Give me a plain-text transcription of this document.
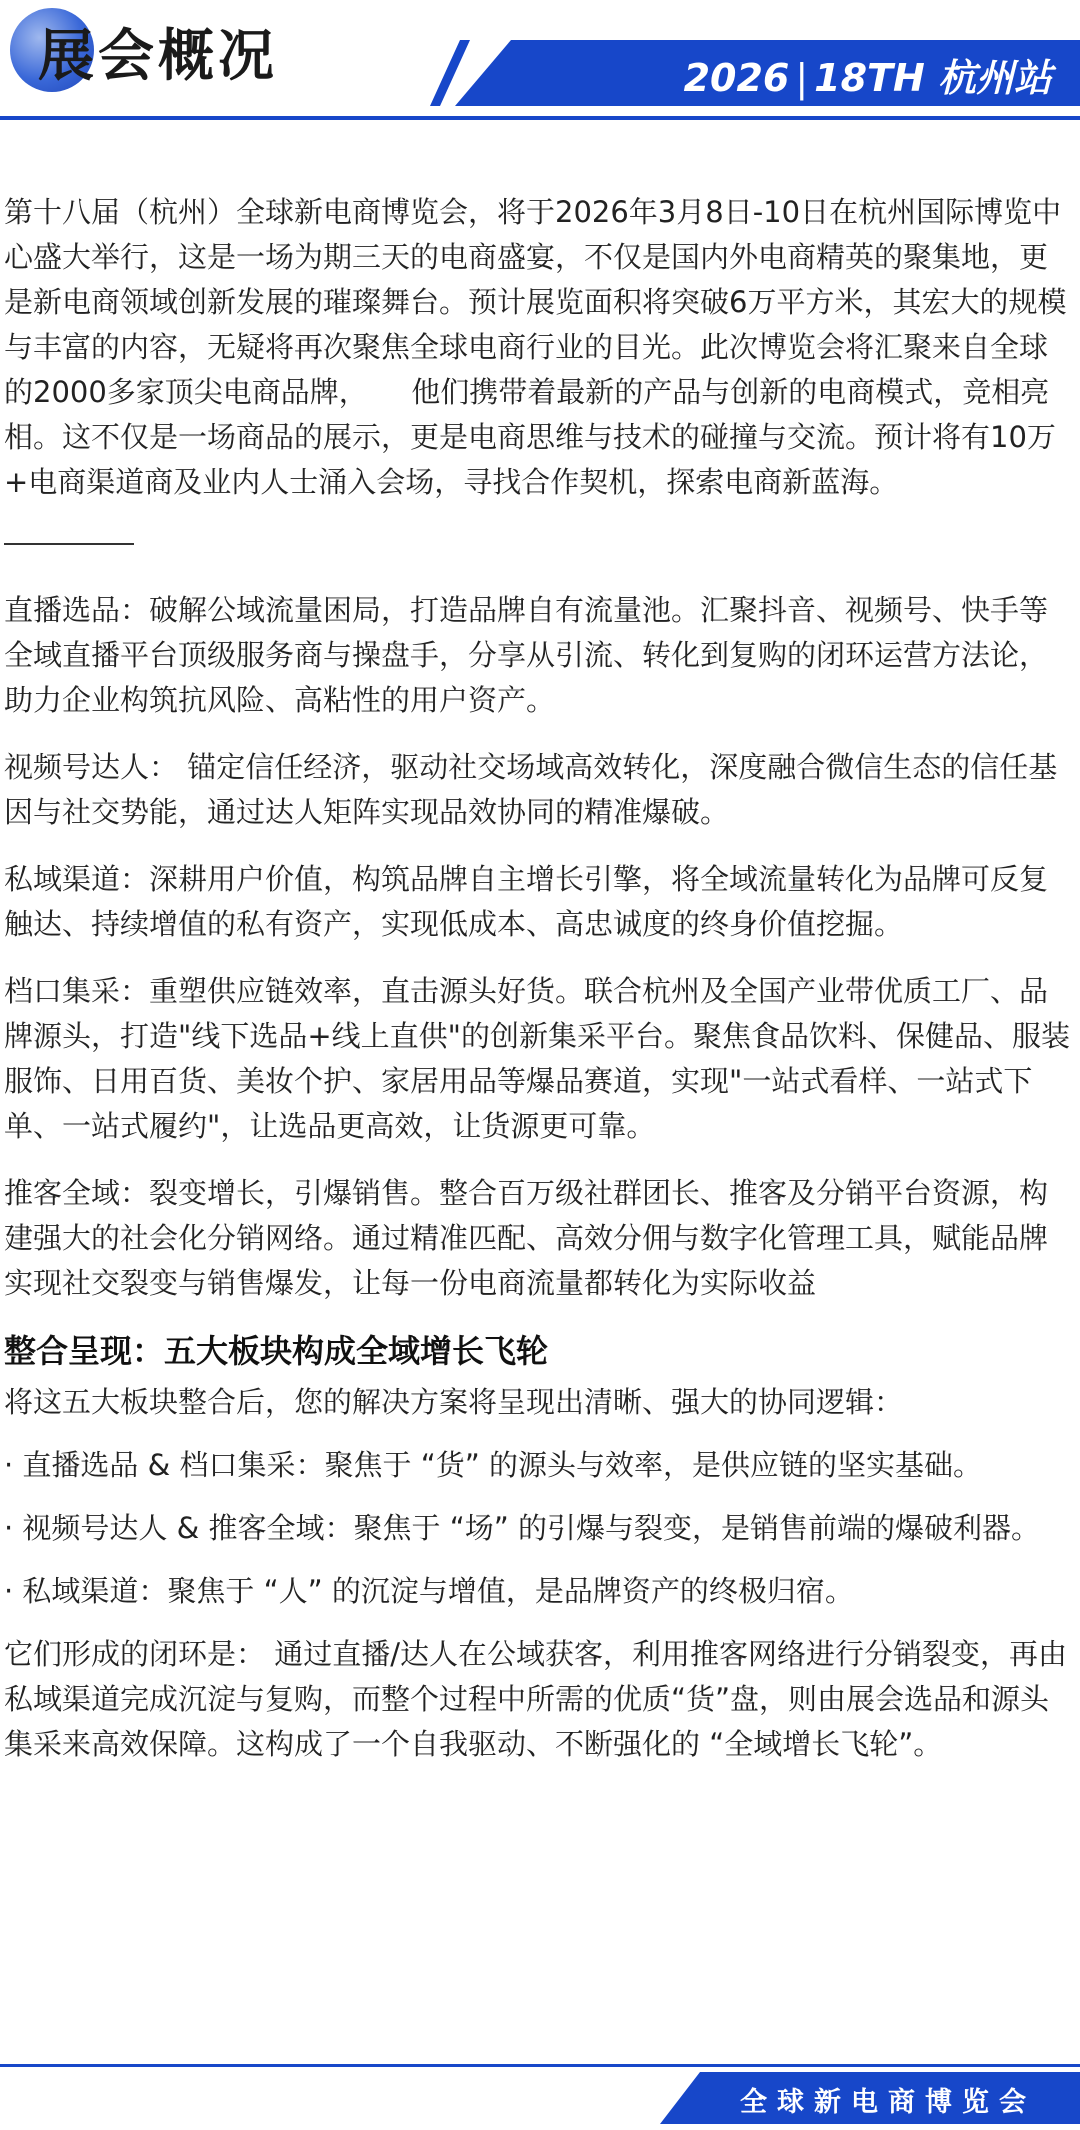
展会概况	2026 | 18TH 杭州站

第十八届（杭州）全球新电商博览会，将于2026年3月8日-10日在杭州国际博览中心盛大举行，这是一场为期三天的电商盛宴，不仅是国内外电商精英的聚集地，更是新电商领域创新发展的璀璨舞台。预计展览面积将突破6万平方米，其宏大的规模与丰富的内容，无疑将再次聚焦全球电商行业的目光。此次博览会将汇聚来自全球的2000多家顶尖电商品牌，　　他们携带着最新的产品与创新的电商模式，竞相亮相。这不仅是一场商品的展示，更是电商思维与技术的碰撞与交流。预计将有10万+电商渠道商及业内人士涌入会场，寻找合作契机，探索电商新蓝海。

直播选品：破解公域流量困局，打造品牌自有流量池。汇聚抖音、视频号、快手等全域直播平台顶级服务商与操盘手，分享从引流、转化到复购的闭环运营方法论，助力企业构筑抗风险、高粘性的用户资产。

视频号达人： 锚定信任经济，驱动社交场域高效转化，深度融合微信生态的信任基因与社交势能，通过达人矩阵实现品效协同的精准爆破。

私域渠道：深耕用户价值，构筑品牌自主增长引擎，将全域流量转化为品牌可反复触达、持续增值的私有资产，实现低成本、高忠诚度的终身价值挖掘。

档口集采：重塑供应链效率，直击源头好货。联合杭州及全国产业带优质工厂、品牌源头，打造"线下选品+线上直供"的创新集采平台。聚焦食品饮料、保健品、服装服饰、日用百货、美妆个护、家居用品等爆品赛道，实现"一站式看样、一站式下单、一站式履约"，让选品更高效，让货源更可靠。

推客全域：裂变增长，引爆销售。整合百万级社群团长、推客及分销平台资源，构建强大的社会化分销网络。通过精准匹配、高效分佣与数字化管理工具，赋能品牌实现社交裂变与销售爆发，让每一份电商流量都转化为实际收益

整合呈现：五大板块构成全域增长飞轮

将这五大板块整合后，您的解决方案将呈现出清晰、强大的协同逻辑：

· 直播选品 & 档口集采：聚焦于 “货” 的源头与效率，是供应链的坚实基础。

· 视频号达人 & 推客全域：聚焦于 “场” 的引爆与裂变，是销售前端的爆破利器。

· 私域渠道：聚焦于 “人” 的沉淀与增值，是品牌资产的终极归宿。

它们形成的闭环是： 通过直播/达人在公域获客，利用推客网络进行分销裂变，再由私域渠道完成沉淀与复购，而整个过程中所需的优质“货”盘，则由展会选品和源头集采来高效保障。这构成了一个自我驱动、不断强化的 “全域增长飞轮”。

全球新电商博览会
